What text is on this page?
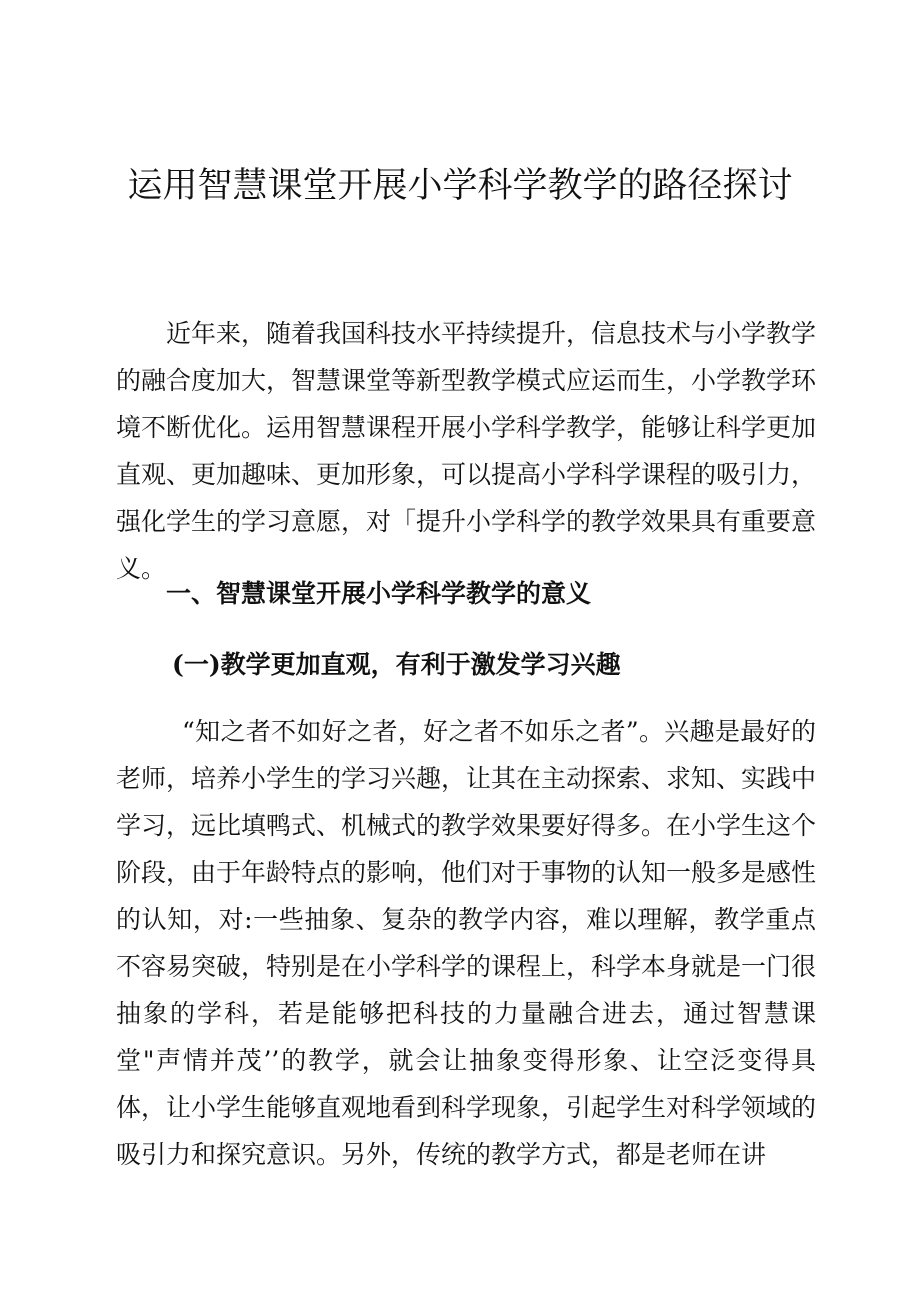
运用智慧课堂开展小学科学教学的路径探讨

近年来，随着我国科技水平持续提升，信息技术与小学教学的融合度加大，智慧课堂等新型教学模式应运而生，小学教学环境不断优化。运用智慧课程开展小学科学教学，能够让科学更加直观、更加趣味、更加形象，可以提高小学科学课程的吸引力，强化学生的学习意愿，对「提升小学科学的教学效果具有重要意义。

一、智慧课堂开展小学科学教学的意义
(一)教学更加直观，有利于激发学习兴趣

“知之者不如好之者，好之者不如乐之者”。兴趣是最好的老师，培养小学生的学习兴趣，让其在主动探索、求知、实践中学习，远比填鸭式、机械式的教学效果要好得多。在小学生这个阶段，由于年龄特点的影响，他们对于事物的认知一般多是感性的认知，对:一些抽象、复杂的教学内容，难以理解，教学重点不容易突破，特别是在小学科学的课程上，科学本身就是一门很抽象的学科，若是能够把科技的力量融合进去，通过智慧课堂"声情并茂’’的教学，就会让抽象变得形象、让空泛变得具体，让小学生能够直观地看到科学现象，引起学生对科学领域的吸引力和探究意识。另外，传统的教学方式，都是老师在讲
